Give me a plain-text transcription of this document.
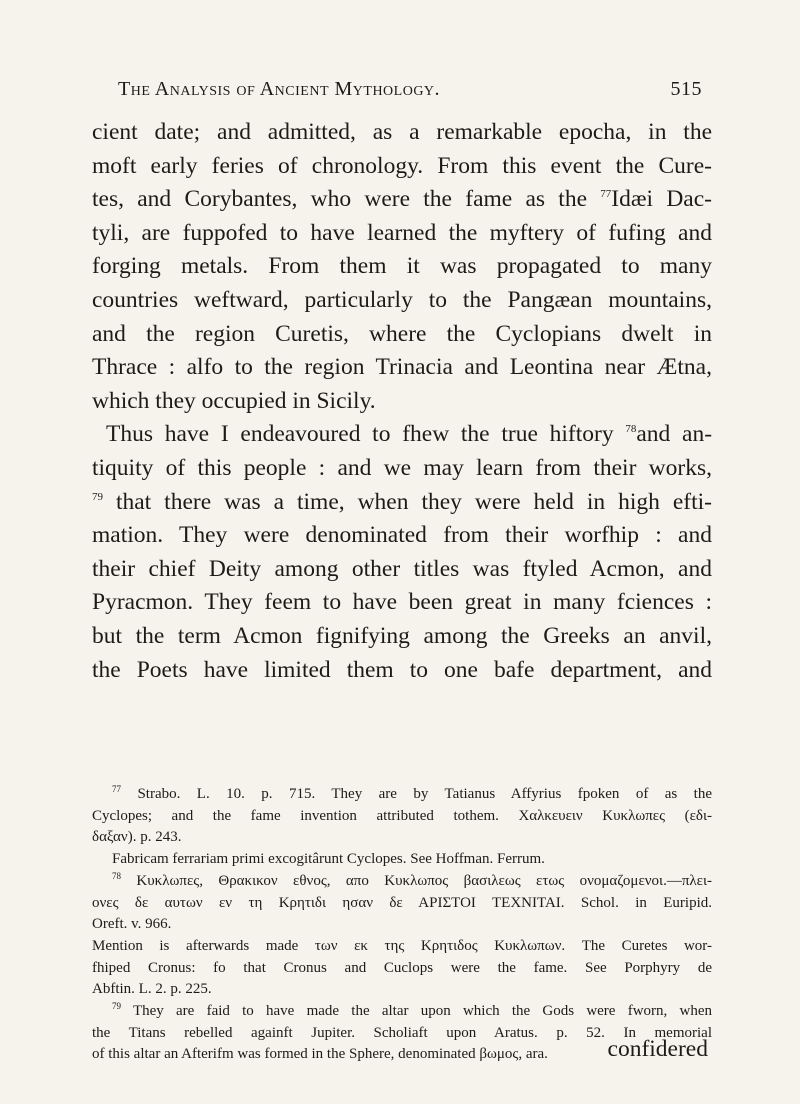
The Analysis of Ancient Mythology.	515
cient date; and admitted, as a remarkable epocha, in the
moft early feries of chronology. From this event the Cure-
tes, and Corybantes, who were the fame as the $^{77}$Idæi Dac-
tyli, are fuppofed to have learned the myftery of fufing and
forging metals. From them it was propagated to many
countries weftward, particularly to the Pangæan mountains,
and the region Curetis, where the Cyclopians dwelt in
Thrace : alfo to the region Trinacia and Leontina near Ætna,
which they occupied in Sicily.
Thus have I endeavoured to fhew the true hiftory $^{78}$and an-
tiquity of this people : and we may learn from their works,
$^{79}$ that there was a time, when they were held in high efti-
mation. They were denominated from their worfhip : and
their chief Deity among other titles was ftyled Acmon, and
Pyracmon. They feem to have been great in many fciences :
but the term Acmon fignifying among the Greeks an anvil,
the Poets have limited them to one bafe department, and
$^{77}$ Strabo. L. 10. p. 715. They are by Tatianus Affyrius fpoken of as the
Cyclopes; and the fame invention attributed tothem. Χαλκευειν Κυκλωπες (εδι-
δαξαν). p. 243.
Fabricam ferrariam primi excogitârunt Cyclopes. See Hoffman. Ferrum.
$^{78}$ Κυκλωπες, Θρακικον εθνος, απο Κυκλωπος βασιλεως ετως ονομαζομενοι.—πλει-
ονες δε αυτων εν τη Κρητιδι ησαν δε ΑΡΙΣΤΟΙ ΤΕΧΝΙΤΑΙ. Schol. in Euripid.
Oreft. v. 966.
Mention is afterwards made των εκ της Κρητιδος Κυκλωπων. The Curetes wor-
fhiped Cronus: fo that Cronus and Cuclops were the fame. See Porphyry de
Abftin. L. 2. p. 225.
$^{79}$ They are faid to have made the altar upon which the Gods were fworn, when
the Titans rebelled againft Jupiter. Scholiaft upon Aratus. p. 52. In memorial
of this altar an Afterifm was formed in the Sphere, denominated βωμος, ara.	confidered
